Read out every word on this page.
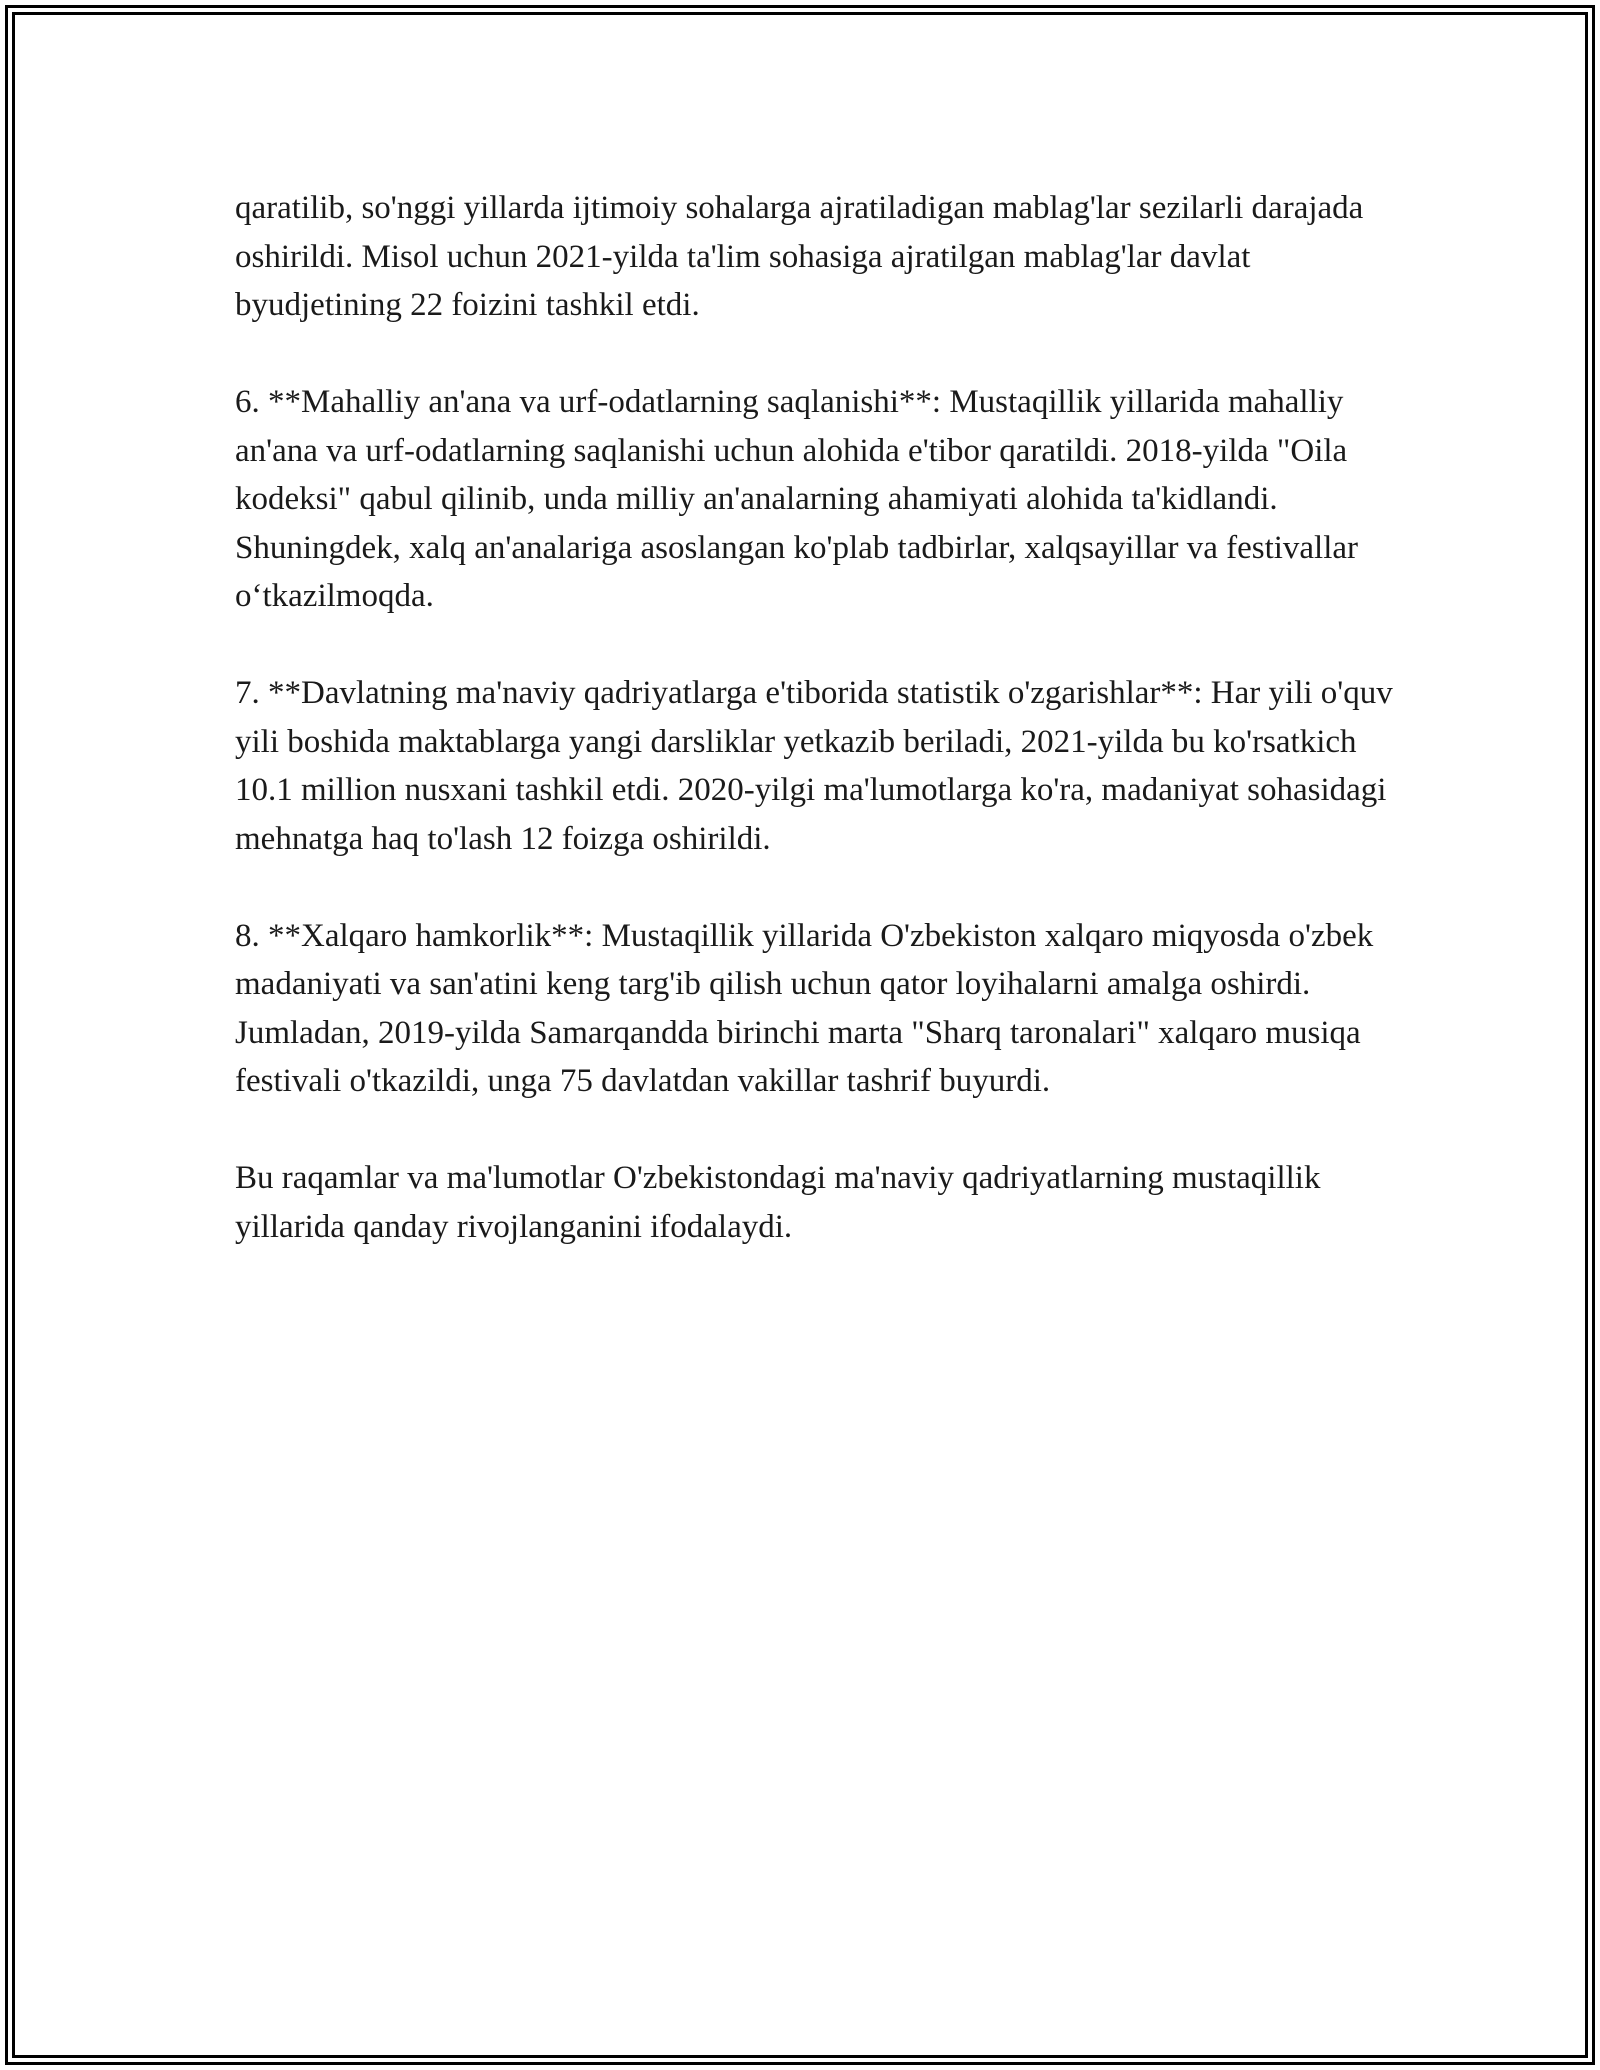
qaratilib, so'nggi yillarda ijtimoiy sohalarga ajratiladigan mablag'lar sezilarli darajada oshirildi. Misol uchun 2021-yilda ta'lim sohasiga ajratilgan mablag'lar davlat byudjetining 22 foizini tashkil etdi.

6. **Mahalliy an'ana va urf-odatlarning saqlanishi**: Mustaqillik yillarida mahalliy an'ana va urf-odatlarning saqlanishi uchun alohida e'tibor qaratildi. 2018-yilda "Oila kodeksi" qabul qilinib, unda milliy an'analarning ahamiyati alohida ta'kidlandi. Shuningdek, xalq an'analariga asoslangan ko'plab tadbirlar, xalqsayillar va festivallar o‘tkazilmoqda.

7. **Davlatning ma'naviy qadriyatlarga e'tiborida statistik o'zgarishlar**: Har yili o'quv yili boshida maktablarga yangi darsliklar yetkazib beriladi, 2021-yilda bu ko'rsatkich 10.1 million nusxani tashkil etdi. 2020-yilgi ma'lumotlarga ko'ra, madaniyat sohasidagi mehnatga haq to'lash 12 foizga oshirildi.

8. **Xalqaro hamkorlik**: Mustaqillik yillarida O'zbekiston xalqaro miqyosda o'zbek madaniyati va san'atini keng targ'ib qilish uchun qator loyihalarni amalga oshirdi. Jumladan, 2019-yilda Samarqandda birinchi marta "Sharq taronalari" xalqaro musiqa festivali o'tkazildi, unga 75 davlatdan vakillar tashrif buyurdi.

Bu raqamlar va ma'lumotlar O'zbekistondagi ma'naviy qadriyatlarning mustaqillik yillarida qanday rivojlanganini ifodalaydi.
